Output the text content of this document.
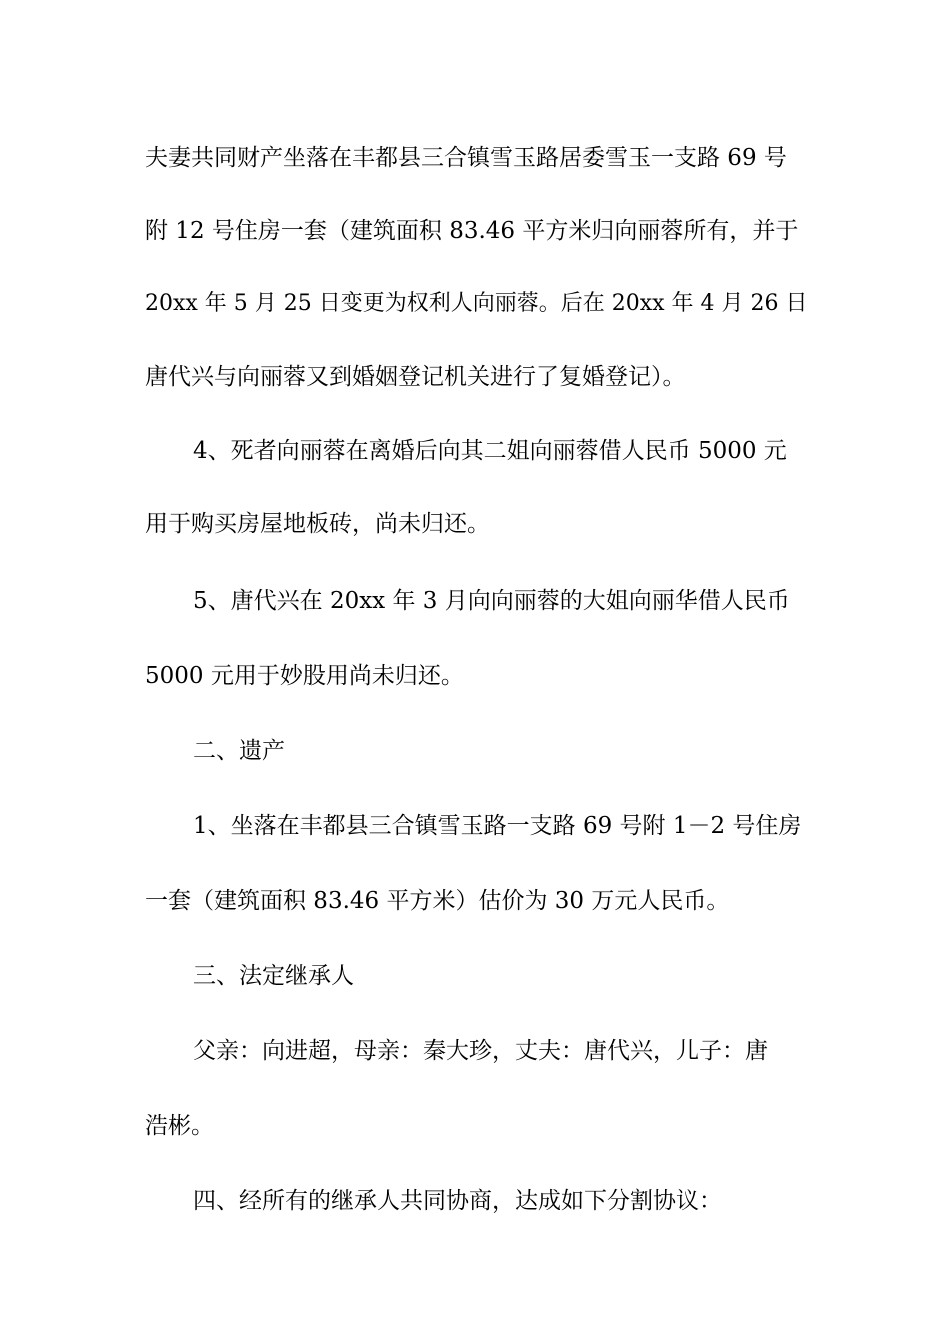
夫妻共同财产坐落在丰都县三合镇雪玉路居委雪玉一支路 69 号
附 12 号住房一套（建筑面积 83.46 平方米归向丽蓉所有，并于
20xx 年 5 月 25 日变更为权利人向丽蓉。后在 20xx 年 4 月 26 日
唐代兴与向丽蓉又到婚姻登记机关进行了复婚登记）。
4、死者向丽蓉在离婚后向其二姐向丽蓉借人民币 5000 元
用于购买房屋地板砖，尚未归还。
5、唐代兴在 20xx 年 3 月向向丽蓉的大姐向丽华借人民币
5000 元用于妙股用尚未归还。
二、遗产
1、坐落在丰都县三合镇雪玉路一支路 69 号附 1－2 号住房
一套（建筑面积 83.46 平方米）估价为 30 万元人民币。
三、法定继承人
父亲：向进超，母亲：秦大珍，丈夫：唐代兴，儿子：唐
浩彬。
四、经所有的继承人共同协商，达成如下分割协议：
